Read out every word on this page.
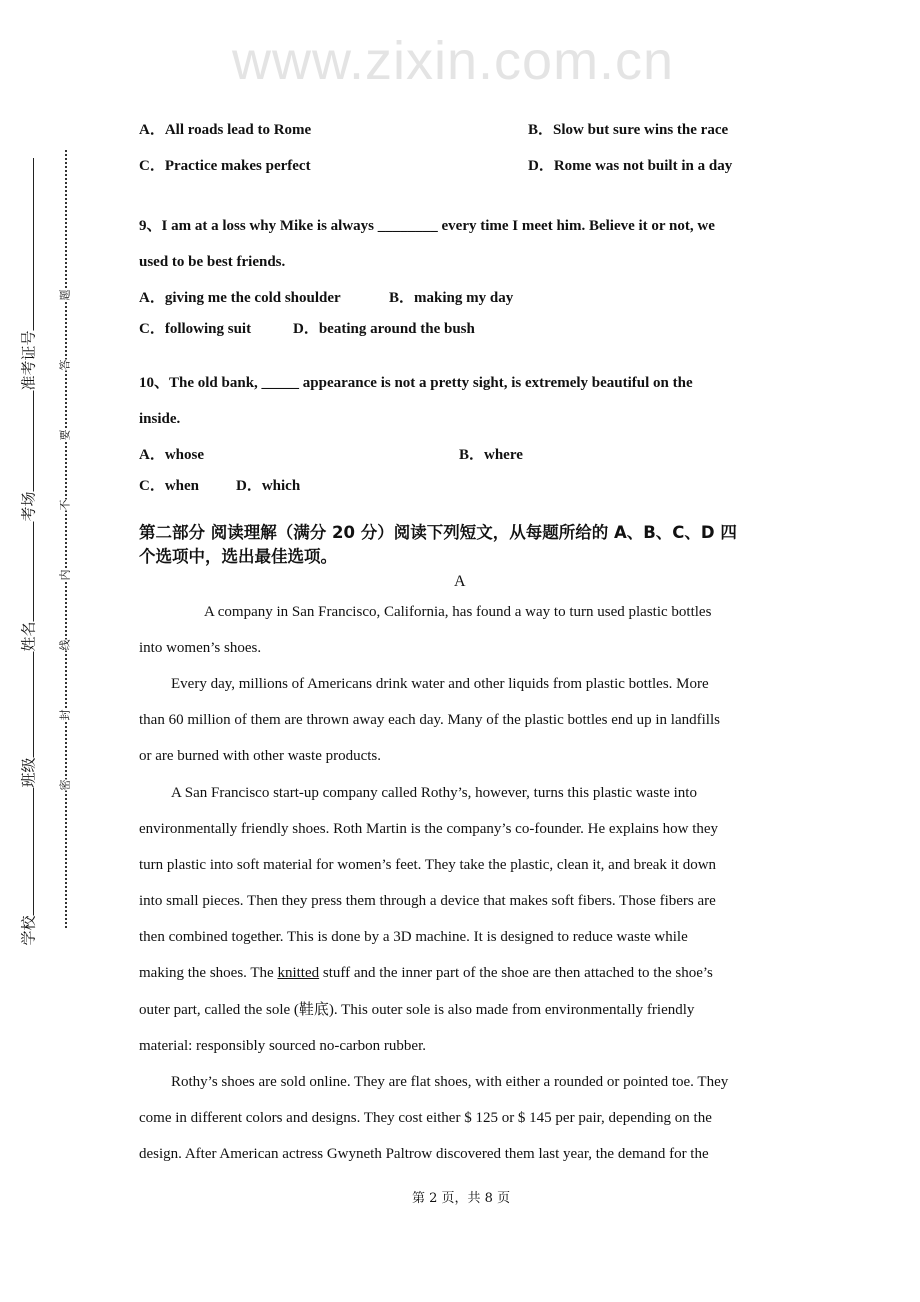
准考证号
考场
姓名
班级
学校
题
答
要
不
内
线
封
密
www.zixin.com.cn
A．All roads lead to Rome	B．Slow but sure wins the race
C．Practice makes perfect	D．Rome was not built in a day
9、I am at a loss why Mike is always ________ every time I meet him. Believe it or not, we
used to be best friends.
A．giving me the cold shoulder	B．making my day
C．following suit	D．beating around the bush
10、The old bank, _____ appearance is not a pretty sight, is extremely beautiful on the
inside.
A．whose	B．where
C．when D．which
第二部分 阅读理解（满分 20 分）阅读下列短文，从每题所给的 A、B、C、D 四
个选项中，选出最佳选项。
A
A company in San Francisco, California, has found a way to turn used plastic bottles
into women’s shoes.
Every day, millions of Americans drink water and other liquids from plastic bottles. More
than 60 million of them are thrown away each day. Many of the plastic bottles end up in landfills
or are burned with other waste products.
A San Francisco start-up company called Rothy’s, however, turns this plastic waste into
environmentally friendly shoes. Roth Martin is the company’s co-founder. He explains how they
turn plastic into soft material for women’s feet. They take the plastic, clean it, and break it down
into small pieces. Then they press them through a device that makes soft fibers. Those fibers are
then combined together. This is done by a 3D machine. It is designed to reduce waste while
making the shoes. The knitted stuff and the inner part of the shoe are then attached to the shoe’s
outer part, called the sole (鞋底). This outer sole is also made from environmentally friendly
material: responsibly sourced no-carbon rubber.
Rothy’s shoes are sold online. They are flat shoes, with either a rounded or pointed toe. They
come in different colors and designs. They cost either $ 125 or $ 145 per pair, depending on the
design. After American actress Gwyneth Paltrow discovered them last year, the demand for the
第 2 页，共 8 页
